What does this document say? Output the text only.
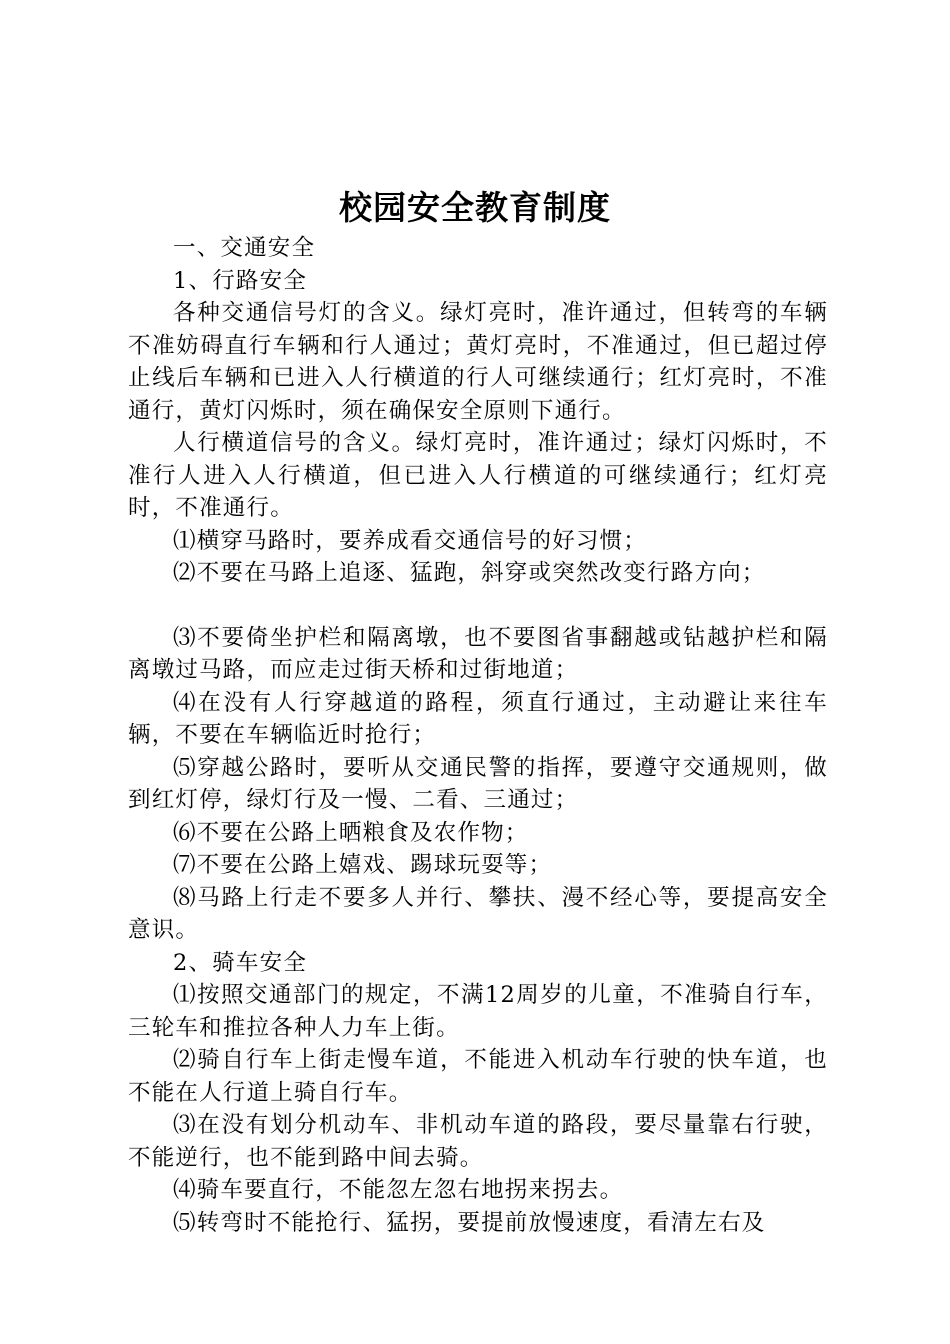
校园安全教育制度

一、交通安全

1、行路安全

各种交通信号灯的含义。绿灯亮时，准许通过，但转弯的车辆不准妨碍直行车辆和行人通过；黄灯亮时，不准通过，但已超过停止线后车辆和已进入人行横道的行人可继续通行；红灯亮时，不准通行，黄灯闪烁时，须在确保安全原则下通行。

人行横道信号的含义。绿灯亮时，准许通过；绿灯闪烁时，不准行人进入人行横道，但已进入人行横道的可继续通行；红灯亮时，不准通行。

⑴横穿马路时，要养成看交通信号的好习惯；

⑵不要在马路上追逐、猛跑，斜穿或突然改变行路方向；

⑶不要倚坐护栏和隔离墩，也不要图省事翻越或钻越护栏和隔离墩过马路，而应走过街天桥和过街地道；

⑷在没有人行穿越道的路程，须直行通过，主动避让来往车辆，不要在车辆临近时抢行；

⑸穿越公路时，要听从交通民警的指挥，要遵守交通规则，做到红灯停，绿灯行及一慢、二看、三通过；

⑹不要在公路上晒粮食及农作物；

⑺不要在公路上嬉戏、踢球玩耍等；

⑻马路上行走不要多人并行、攀扶、漫不经心等，要提高安全意识。

2、骑车安全

⑴按照交通部门的规定，不满12周岁的儿童，不准骑自行车，三轮车和推拉各种人力车上街。

⑵骑自行车上街走慢车道，不能进入机动车行驶的快车道，也不能在人行道上骑自行车。

⑶在没有划分机动车、非机动车道的路段，要尽量靠右行驶，不能逆行，也不能到路中间去骑。

⑷骑车要直行，不能忽左忽右地拐来拐去。

⑸转弯时不能抢行、猛拐，要提前放慢速度，看清左右及
